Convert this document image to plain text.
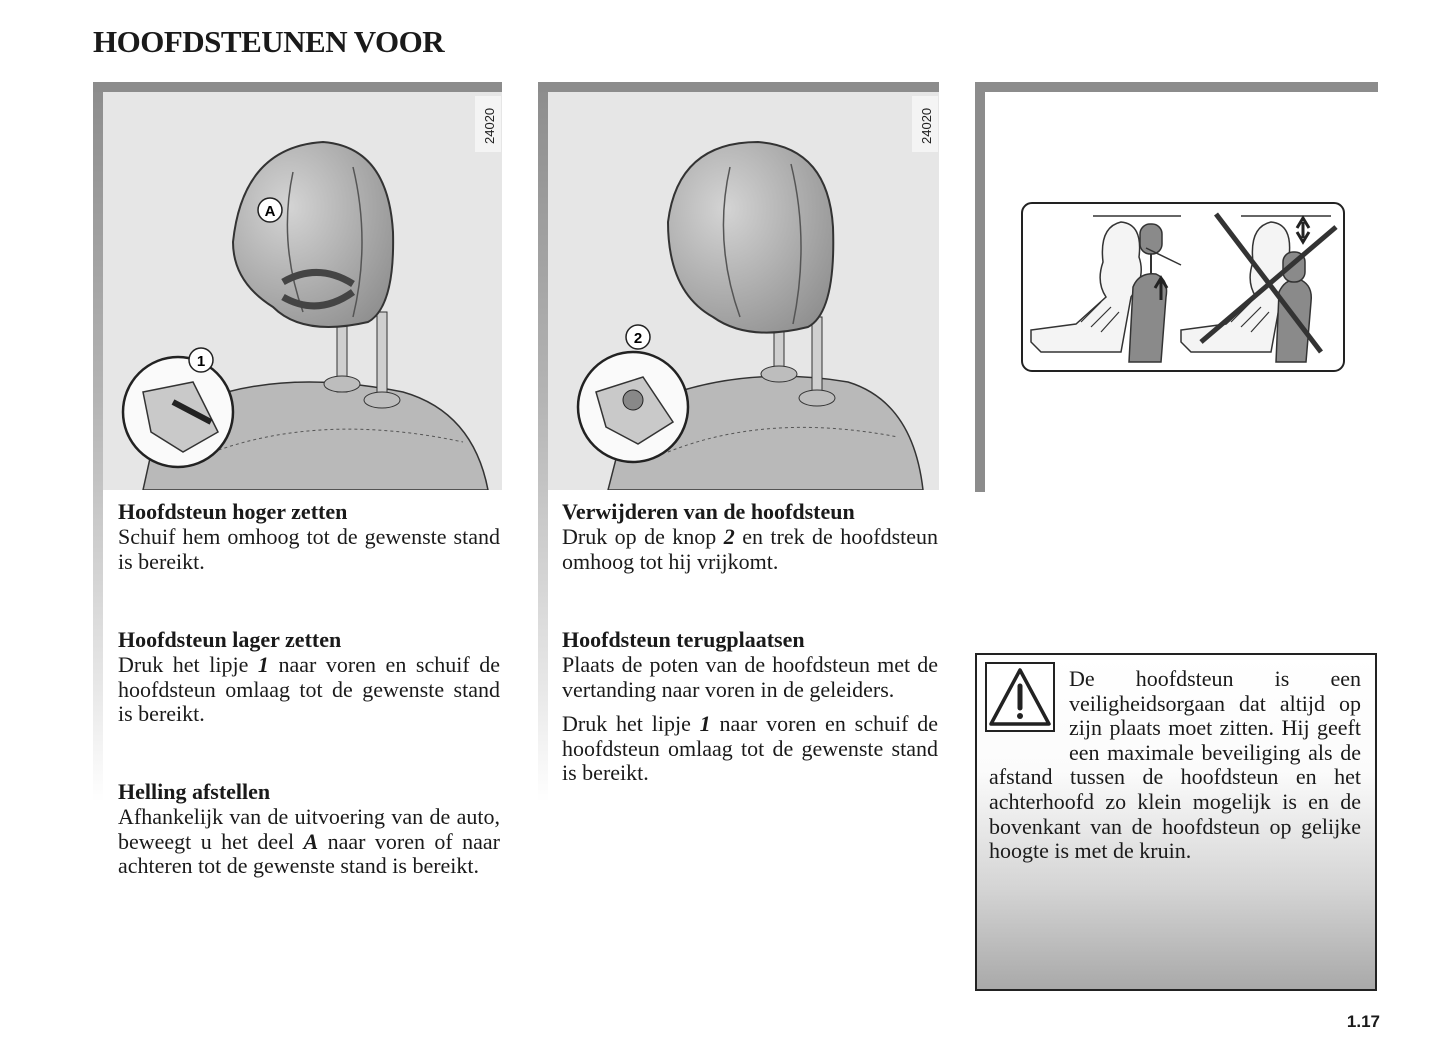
HOOFDSTEUNEN VOOR
A
1
24020
Hoofdsteun hoger zetten

Schuif hem omhoog tot de gewenste stand is bereikt.

Hoofdsteun lager zetten

Druk het lipje 1 naar voren en schuif de hoofdsteun omlaag tot de gewenste stand is bereikt.

Helling afstellen

Afhankelijk van de uitvoering van de auto, beweegt u het deel A naar voren of naar achteren tot de gewenste stand is bereikt.

2
24020
Verwijderen van de hoofdsteun

Druk op de knop 2 en trek de hoofdsteun omhoog tot hij vrijkomt.

Hoofdsteun terugplaatsen

Plaats de poten van de hoofdsteun met de vertanding naar voren in de geleiders.

Druk het lipje 1 naar voren en schuif de hoofdsteun omlaag tot de gewenste stand is bereikt.

De hoofdsteun is een veiligheidsorgaan dat altijd op zijn plaats moet zitten. Hij geeft een maximale beveiliging als de afstand tussen de hoofdsteun en het achterhoofd zo klein mogelijk is en de bovenkant van de hoofdsteun op gelijke hoogte is met de kruin.
1.17
